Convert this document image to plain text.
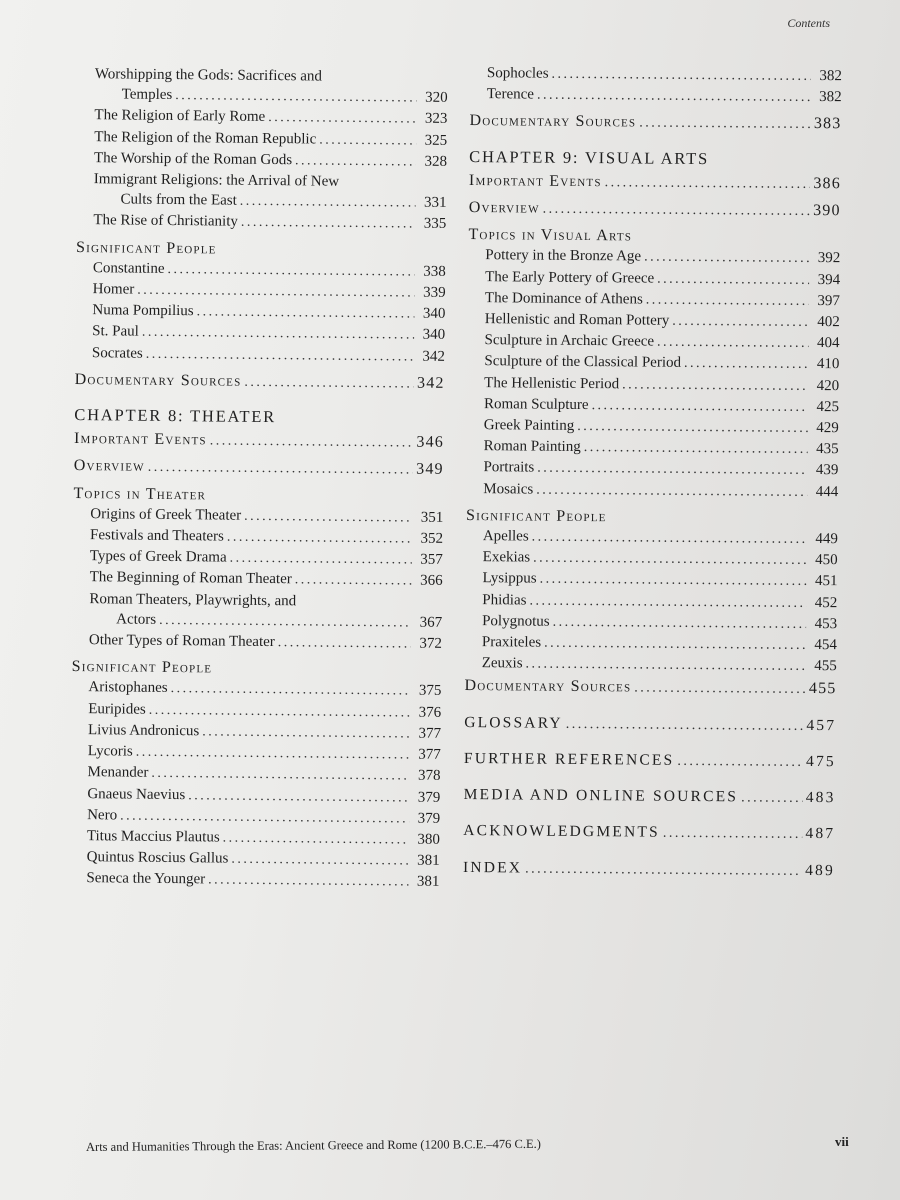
Contents
Worshipping the Gods: Sacrifices and
Temples . . .	320
The Religion of Early Rome . . .	323
The Religion of the Roman Republic . . .	325
The Worship of the Roman Gods . . .	328
Immigrant Religions: the Arrival of New
Cults from the East . . .	331
The Rise of Christianity . . .	335
Significant People
Constantine . . .	338
Homer . . .	339
Numa Pompilius . . .	340
St. Paul . . .	340
Socrates . . .	342
Documentary Sources . . .	342
CHAPTER 8: THEATER
Important Events . . .	346
Overview . . .	349
Topics in Theater
Origins of Greek Theater . . .	351
Festivals and Theaters . . .	352
Types of Greek Drama . . .	357
The Beginning of Roman Theater . . .	366
Roman Theaters, Playwrights, and
Actors . . .	367
Other Types of Roman Theater . . .	372
Significant People
Aristophanes . . .	375
Euripides . . .	376
Livius Andronicus . . .	377
Lycoris . . .	377
Menander . . .	378
Gnaeus Naevius . . .	379
Nero . . .	379
Titus Maccius Plautus . . .	380
Quintus Roscius Gallus . . .	381
Seneca the Younger . . .	381
Sophocles . . .	382
Terence . . .	382
Documentary Sources . . .	383
CHAPTER 9: VISUAL ARTS
Important Events . . .	386
Overview . . .	390
Topics in Visual Arts
Pottery in the Bronze Age . . .	392
The Early Pottery of Greece . . .	394
The Dominance of Athens . . .	397
Hellenistic and Roman Pottery . . .	402
Sculpture in Archaic Greece . . .	404
Sculpture of the Classical Period . . .	410
The Hellenistic Period . . .	420
Roman Sculpture . . .	425
Greek Painting . . .	429
Roman Painting . . .	435
Portraits . . .	439
Mosaics . . .	444
Significant People
Apelles . . .	449
Exekias . . .	450
Lysippus . . .	451
Phidias . . .	452
Polygnotus . . .	453
Praxiteles . . .	454
Zeuxis . . .	455
Documentary Sources . . .	455
GLOSSARY . . .	457
FURTHER REFERENCES . . .	475
MEDIA AND ONLINE SOURCES . . .	483
ACKNOWLEDGMENTS . . .	487
INDEX . . .	489
Arts and Humanities Through the Eras: Ancient Greece and Rome (1200 B.C.E.–476 C.E.)	vii
